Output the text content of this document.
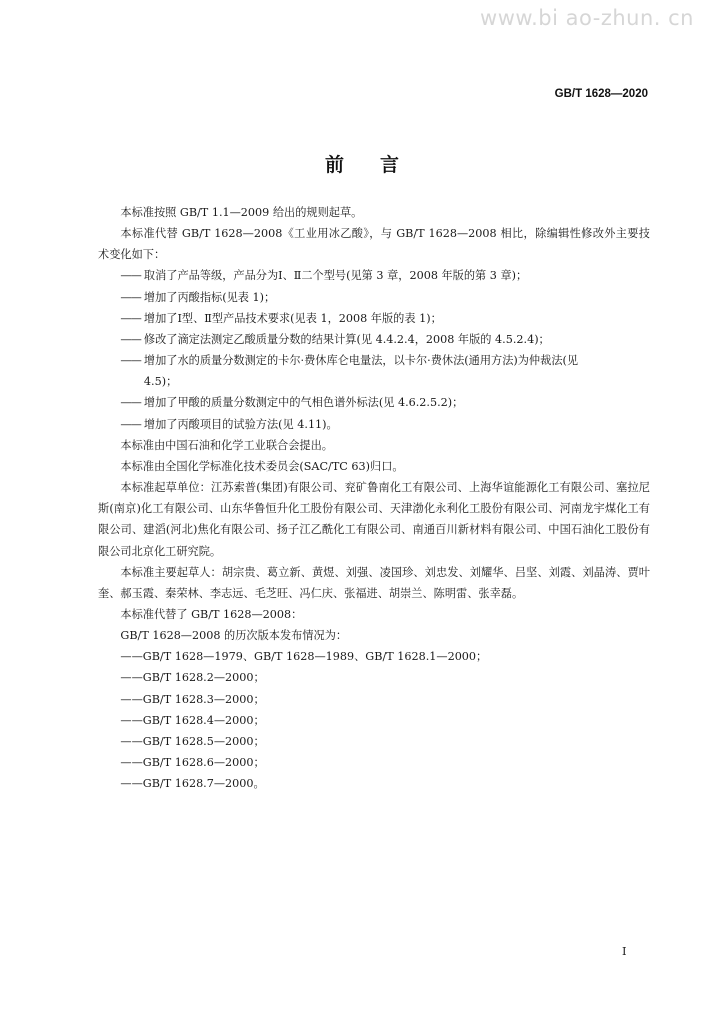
www.bi ao-zhun. cn
GB/T 1628—2020
前言

本标准按照 GB/T 1.1—2009 给出的规则起草。

本标准代替 GB/T 1628—2008《工业用冰乙酸》，与 GB/T 1628—2008 相比，除编辑性修改外主要技术变化如下：

—— 取消了产品等级，产品分为Ⅰ、Ⅱ二个型号(见第 3 章，2008 年版的第 3 章)；

—— 增加了丙酸指标(见表 1)；

—— 增加了Ⅰ型、Ⅱ型产品技术要求(见表 1，2008 年版的表 1)；

—— 修改了滴定法测定乙酸质量分数的结果计算(见 4.4.2.4，2008 年版的 4.5.2.4)；

—— 增加了水的质量分数测定的卡尔·费休库仑电量法，以卡尔·费休法(通用方法)为仲裁法(见

4.5)；

—— 增加了甲酸的质量分数测定中的气相色谱外标法(见 4.6.2.5.2)；

—— 增加了丙酸项目的试验方法(见 4.11)。

本标准由中国石油和化学工业联合会提出。

本标准由全国化学标准化技术委员会(SAC/TC 63)归口。

本标准起草单位：江苏索普(集团)有限公司、兖矿鲁南化工有限公司、上海华谊能源化工有限公司、塞拉尼斯(南京)化工有限公司、山东华鲁恒升化工股份有限公司、天津渤化永利化工股份有限公司、河南龙宇煤化工有限公司、建滔(河北)焦化有限公司、扬子江乙酰化工有限公司、南通百川新材料有限公司、中国石油化工股份有限公司北京化工研究院。

本标准主要起草人：胡宗贵、葛立新、黄煜、刘强、凌国珍、刘忠发、刘耀华、吕坚、刘霞、刘晶涛、贾叶奎、郝玉霞、秦荣林、李志远、毛芝旺、冯仁庆、张福进、胡崇兰、陈明雷、张幸磊。

本标准代替了 GB/T 1628—2008：

GB/T 1628—2008 的历次版本发布情况为：

——GB/T 1628—1979、GB/T 1628—1989、GB/T 1628.1—2000；

——GB/T 1628.2—2000；

——GB/T 1628.3—2000；

——GB/T 1628.4—2000；

——GB/T 1628.5—2000；

——GB/T 1628.6—2000；

——GB/T 1628.7—2000。

I
